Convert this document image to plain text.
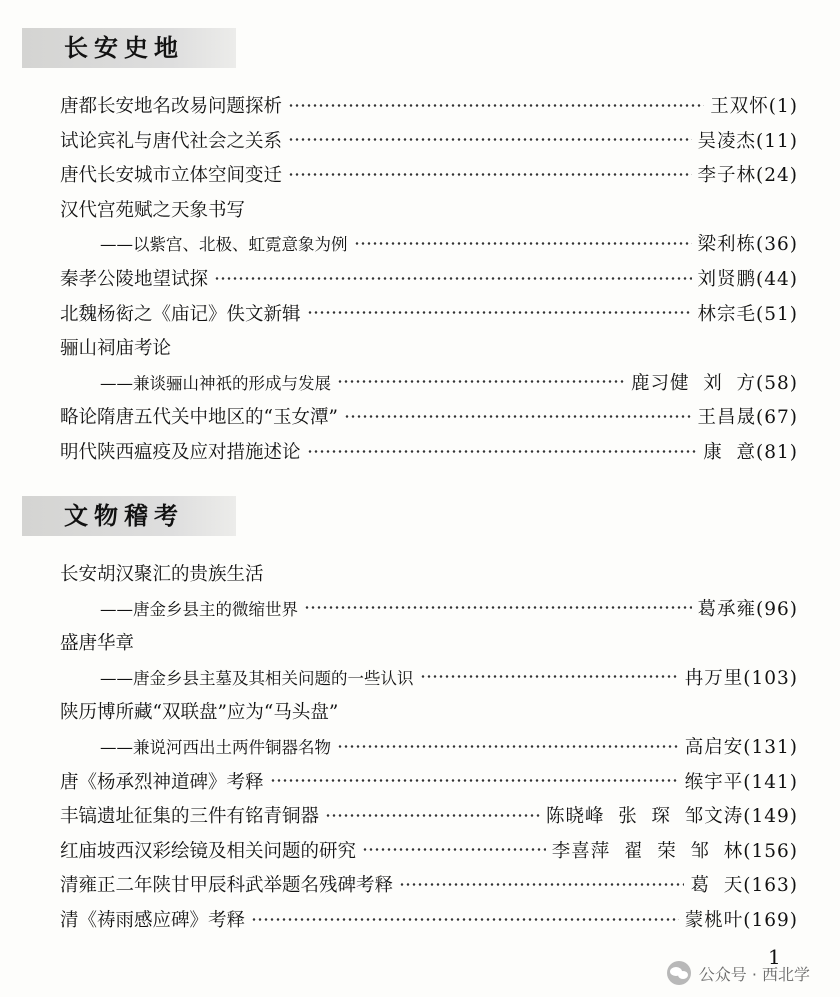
长安史地
唐都长安地名改易问题探析	王双怀(1)
试论宾礼与唐代社会之关系	吴凌杰(11)
唐代长安城市立体空间变迁	李子林(24)
汉代宫苑赋之天象书写
——以紫宫、北极、虹霓意象为例	梁利栋(36)
秦孝公陵地望试探	刘贤鹏(44)
北魏杨衒之《庙记》佚文新辑	林宗毛(51)
骊山祠庙考论
——兼谈骊山神祇的形成与发展	鹿习健  刘  方(58)
略论隋唐五代关中地区的“玉女潭”	王昌晟(67)
明代陕西瘟疫及应对措施述论	康  意(81)
文物稽考
长安胡汉聚汇的贵族生活
——唐金乡县主的微缩世界	葛承雍(96)
盛唐华章
——唐金乡县主墓及其相关问题的一些认识	冉万里(103)
陕历博所藏“双联盘”应为“马头盘”
——兼说河西出土两件铜器名物	高启安(131)
唐《杨承烈神道碑》考释	缑宇平(141)
丰镐遗址征集的三件有铭青铜器	陈晓峰  张  琛  邹文涛(149)
红庙坡西汉彩绘镜及相关问题的研究	李喜萍  翟  荣  邹  林(156)
清雍正二年陕甘甲辰科武举题名残碑考释	葛  天(163)
清《祷雨感应碑》考释	蒙桃叶(169)
1
公众号 · 西北学
